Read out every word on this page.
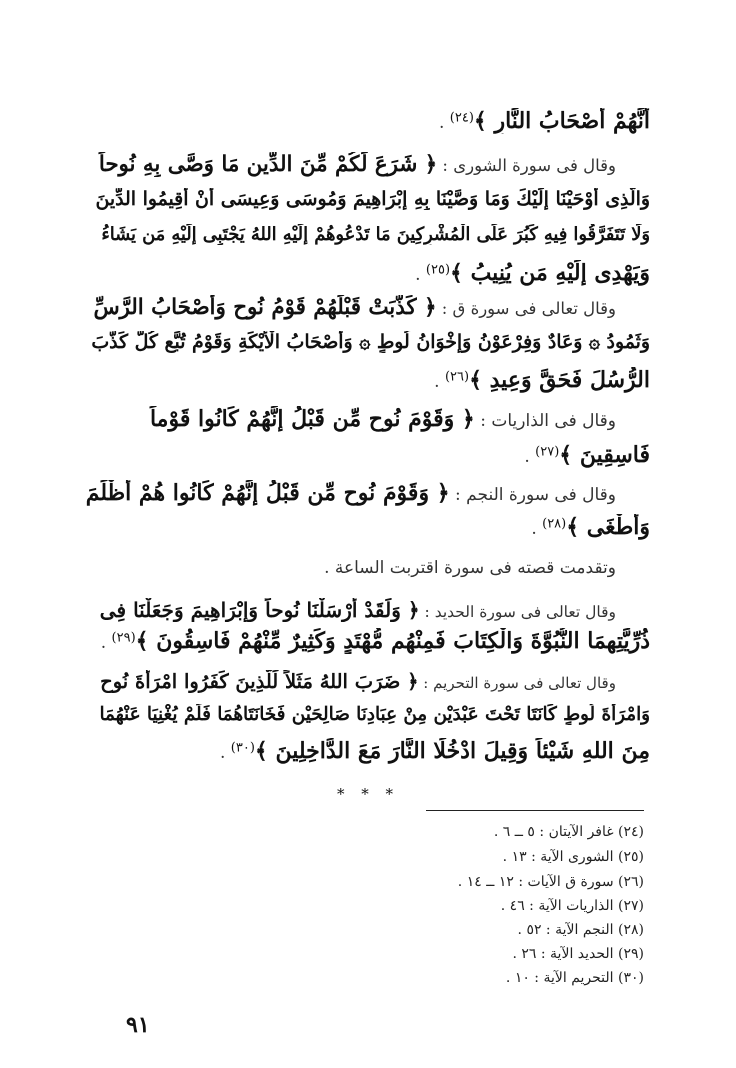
أَنَّهُمْ أَصْحَابُ النَّارِ ﴾$^{(٢٤)}$ .
وقال فى سورة الشورى : ﴿ شَرَعَ لَكُمْ مِّنَ الدِّينِ مَا وَصَّى بِهِ نُوحاً
وَالَّذِى أَوْحَيْنَا إِلَيْكَ وَمَا وَصَّيْنَا بِهِ إِبْرَاهِيمَ وَمُوسَى وَعِيسَى أَنْ أَقِيمُوا الدِّينَ
وَلَا تَتَفَرَّقُوا فِيهِ كَبُرَ عَلَى الْمُشْرِكِينَ مَا تَدْعُوهُمْ إِلَيْهِ اللهُ يَجْتَبِى إِلَيْهِ مَن يَشَاءُ
وَيَهْدِى إِلَيْهِ مَن يُنِيبُ ﴾$^{(٢٥)}$ .
وقال تعالى فى سورة ق : ﴿ كَذَّبَتْ قَبْلَهُمْ قَوْمُ نُوحٍ وَأَصْحَابُ الرَّسِّ
وَثَمُودُ ۞ وَعَادٌ وَفِرْعَوْنُ وَإِخْوَانُ لُوطٍ ۞ وَأَصْحَابُ الْأَيْكَةِ وَقَوْمُ تُبَّعٍ كُلٌّ كَذَّبَ
الرُّسُلَ فَحَقَّ وَعِيدِ ﴾$^{(٢٦)}$ .
وقال فى الذاريات : ﴿ وَقَوْمَ نُوحٍ مِّن قَبْلُ إِنَّهُمْ كَانُوا قَوْماً
فَاسِقِينَ ﴾$^{(٢٧)}$ .
وقال فى سورة النجم : ﴿ وَقَوْمَ نُوحٍ مِّن قَبْلُ إِنَّهُمْ كَانُوا هُمْ أَظْلَمَ
وَأَطْغَى ﴾$^{(٢٨)}$ .
وتقدمت قصته فى سورة اقتربت الساعة .
وقال تعالى فى سورة الحديد : ﴿ وَلَقَدْ أَرْسَلْنَا نُوحاً وَإِبْرَاهِيمَ وَجَعَلْنَا فِى
ذُرِّيَّتِهِمَا النُّبُوَّةَ وَالْكِتَابَ فَمِنْهُم مُّهْتَدٍ وَكَثِيرٌ مِّنْهُمْ فَاسِقُونَ ﴾$^{(٢٩)}$ .
وقال تعالى فى سورة التحريم : ﴿ ضَرَبَ اللهُ مَثَلاً لِّلَّذِينَ كَفَرُوا امْرَأَةَ نُوحٍ
وَامْرَأَةَ لُوطٍ كَانَتَا تَحْتَ عَبْدَيْنِ مِنْ عِبَادِنَا صَالِحَيْنِ فَخَانَتَاهُمَا فَلَمْ يُغْنِيَا عَنْهُمَا
مِنَ اللهِ شَيْئاً وَقِيلَ ادْخُلَا النَّارَ مَعَ الدَّاخِلِينَ ﴾$^{(٣٠)}$ .
* * *
(٢٤) غافر الآيتان : ٥ ــ ٦ .
(٢٥) الشورى الآية : ١٣ .
(٢٦) سورة ق الآيات : ١٢ ــ ١٤ .
(٢٧) الذاريات الآية : ٤٦ .
(٢٨) النجم الآية : ٥٢ .
(٢٩) الحديد الآية : ٢٦ .
(٣٠) التحريم الآية : ١٠ .
٩١
